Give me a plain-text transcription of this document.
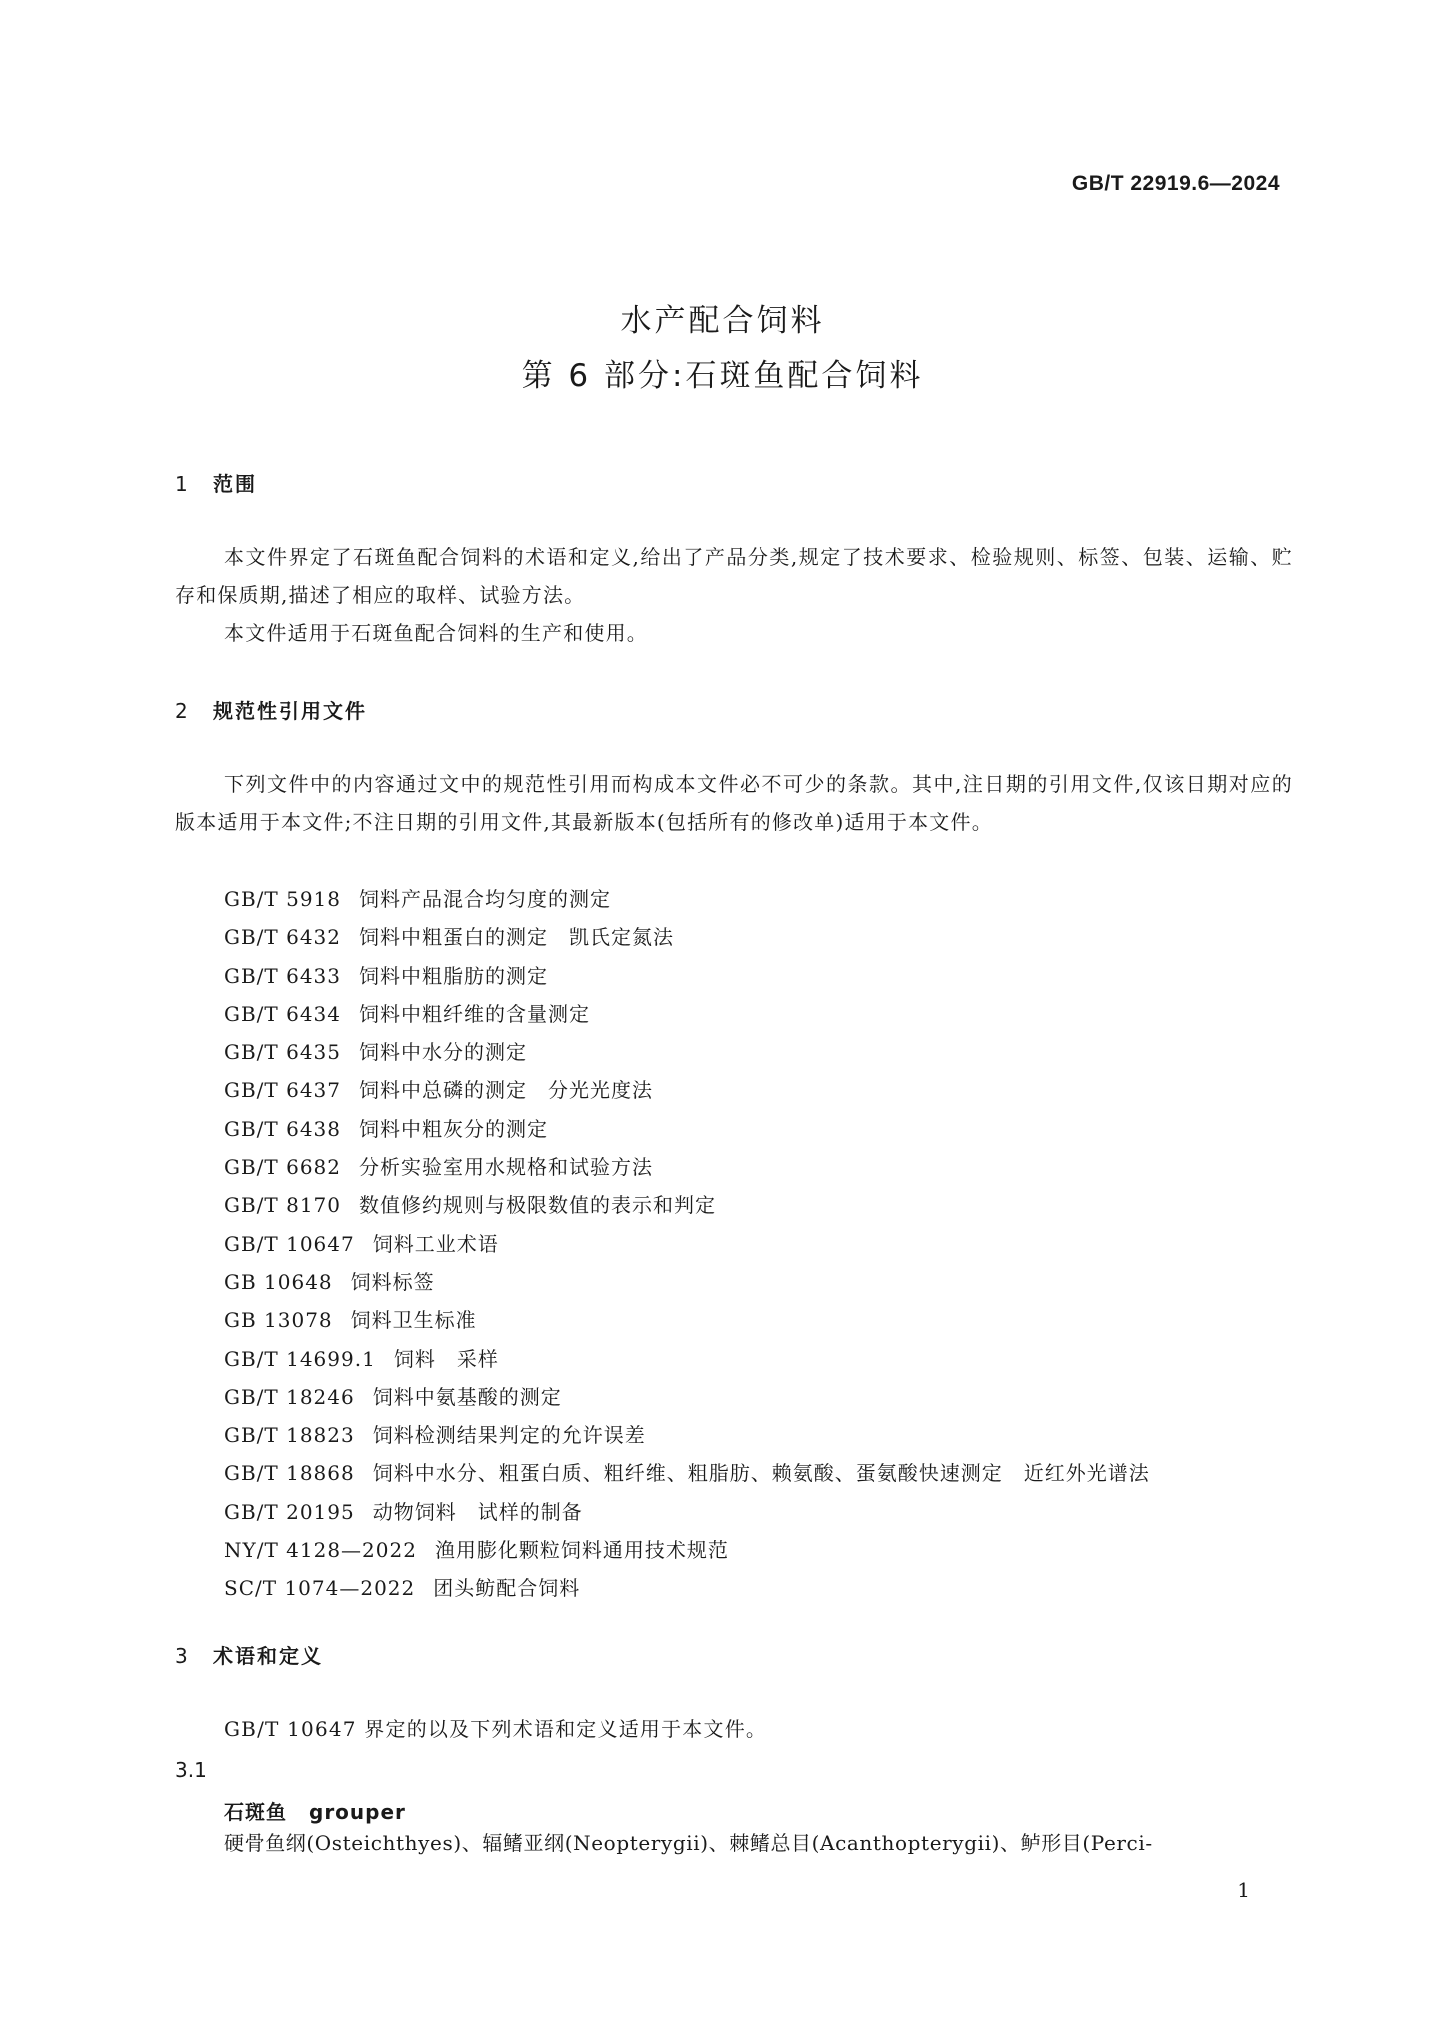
GB/T 22919.6—2024
水产配合饲料
第 6 部分:石斑鱼配合饲料
1 范围
本文件界定了石斑鱼配合饲料的术语和定义,给出了产品分类,规定了技术要求、检验规则、标签、包装、运输、贮存和保质期,描述了相应的取样、试验方法。
本文件适用于石斑鱼配合饲料的生产和使用。
2 规范性引用文件
下列文件中的内容通过文中的规范性引用而构成本文件必不可少的条款。其中,注日期的引用文件,仅该日期对应的版本适用于本文件;不注日期的引用文件,其最新版本(包括所有的修改单)适用于本文件。
GB/T 5918 饲料产品混合均匀度的测定
GB/T 6432 饲料中粗蛋白的测定　凯氏定氮法
GB/T 6433 饲料中粗脂肪的测定
GB/T 6434 饲料中粗纤维的含量测定
GB/T 6435 饲料中水分的测定
GB/T 6437 饲料中总磷的测定　分光光度法
GB/T 6438 饲料中粗灰分的测定
GB/T 6682 分析实验室用水规格和试验方法
GB/T 8170 数值修约规则与极限数值的表示和判定
GB/T 10647 饲料工业术语
GB 10648 饲料标签
GB 13078 饲料卫生标准
GB/T 14699.1 饲料　采样
GB/T 18246 饲料中氨基酸的测定
GB/T 18823 饲料检测结果判定的允许误差
GB/T 18868 饲料中水分、粗蛋白质、粗纤维、粗脂肪、赖氨酸、蛋氨酸快速测定　近红外光谱法
GB/T 20195 动物饲料　试样的制备
NY/T 4128—2022 渔用膨化颗粒饲料通用技术规范
SC/T 1074—2022 团头鲂配合饲料
3 术语和定义
GB/T 10647 界定的以及下列术语和定义适用于本文件。
3.1
石斑鱼 grouper
硬骨鱼纲(Osteichthyes)、辐鳍亚纲(Neopterygii)、棘鳍总目(Acanthopterygii)、鲈形目(Perci-
1
